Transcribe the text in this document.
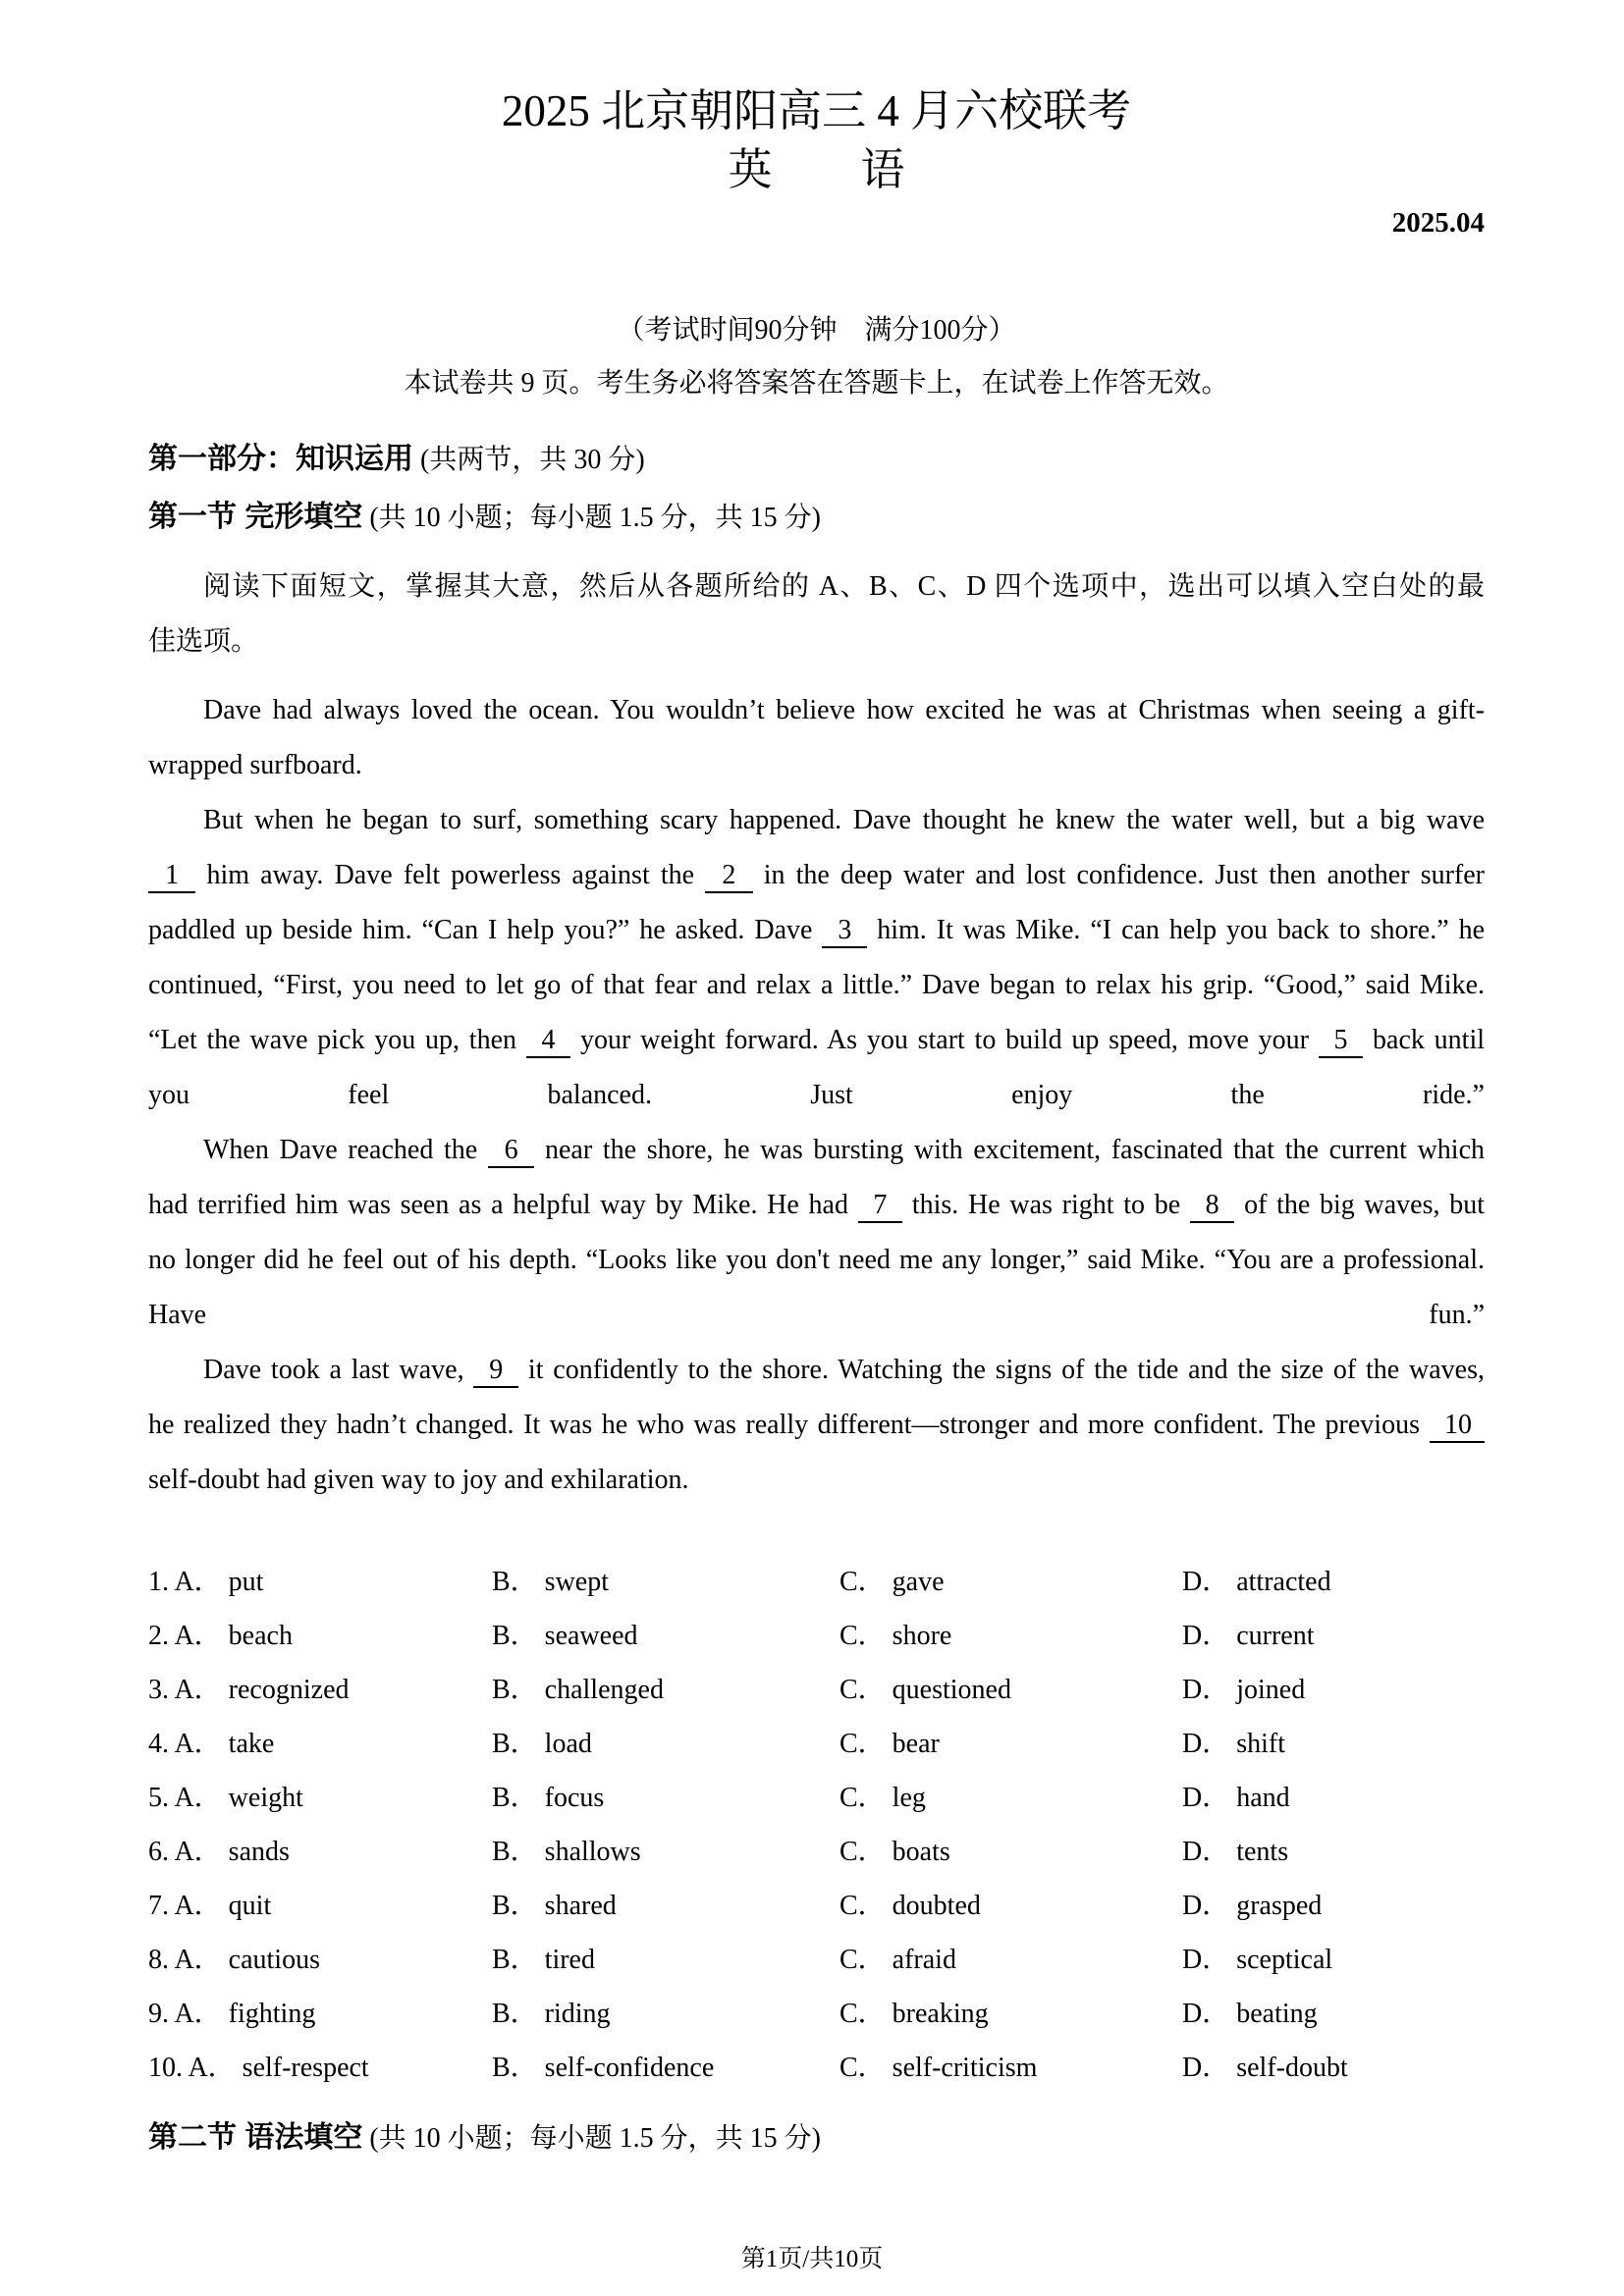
2025 北京朝阳高三 4 月六校联考
英　　语
2025.04
（考试时间90分钟　满分100分）
本试卷共 9 页。考生务必将答案答在答题卡上，在试卷上作答无效。
第一部分：知识运用 (共两节，共 30 分)
第一节 完形填空 (共 10 小题；每小题 1.5 分，共 15 分)
阅读下面短文，掌握其大意，然后从各题所给的 A、B、C、D 四个选项中，选出可以填入空白处的最
佳选项。
Dave had always loved the ocean. You wouldn’t believe how excited he was at Christmas when seeing a gift-
wrapped surfboard.
But when he began to surf, something scary happened. Dave thought he knew the water well, but a big wave
1  him away. Dave felt powerless against the  2  in the deep water and lost confidence. Just then another surfer
paddled up beside him. “Can I help you?” he asked. Dave  3  him. It was Mike. “I can help you back to shore.” he
continued, “First, you need to let go of that fear and relax a little.” Dave began to relax his grip. “Good,” said Mike.
“Let the wave pick you up, then  4  your weight forward. As you start to build up speed, move your  5  back until
you feel balanced. Just enjoy the ride.”
When Dave reached the  6  near the shore, he was bursting with excitement, fascinated that the current which
had terrified him was seen as a helpful way by Mike. He had  7  this. He was right to be  8  of the big waves, but
no longer did he feel out of his depth. “Looks like you don't need me any longer,” said Mike. “You are a professional.
Have fun.”
Dave took a last wave,  9  it confidently to the shore. Watching the signs of the tide and the size of the waves,
he realized they hadn’t changed. It was he who was really different—stronger and more confident. The previous  10
self-doubt had given way to joy and exhilaration.
1. A． put	B． swept	C． gave	D． attracted
2. A． beach	B． seaweed	C． shore	D． current
3. A． recognized	B． challenged	C． questioned	D． joined
4. A． take	B． load	C． bear	D． shift
5. A． weight	B． focus	C． leg	D． hand
6. A． sands	B． shallows	C． boats	D． tents
7. A． quit	B． shared	C． doubted	D． grasped
8. A． cautious	B． tired	C． afraid	D． sceptical
9. A． fighting	B． riding	C． breaking	D． beating
10. A． self-respect	B． self-confidence	C． self-criticism	D． self-doubt
第二节 语法填空 (共 10 小题；每小题 1.5 分，共 15 分)
第1页/共10页
